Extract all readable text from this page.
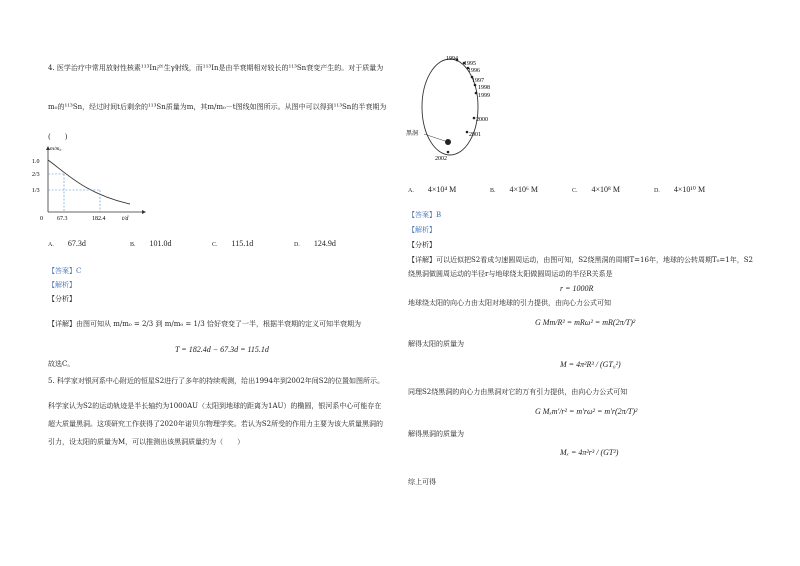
4. 医学治疗中常用放射性核素¹¹³In产生γ射线，而¹¹³In是由半衰期相对较长的¹¹³Sn衰变产生的。对于质量为
m₀的¹¹³Sn，经过时间t后剩余的¹¹³Sn质量为m，其m/m₀－t图线如图所示。从图中可以得到¹¹³Sn的半衰期为
(　　)
m/m₀
1.0
2/3
1/3
0 67.3	182.4	t/d
A. 67.3d	B. 101.0d	C. 115.1d	D. 124.9d
【答案】C
【解析】
【分析】
【详解】由图可知从 m/m₀ = 2/3 到 m/m₀ = 1/3 恰好衰变了一半，根据半衰期的定义可知半衰期为
T = 182.4d − 67.3d = 115.1d
故选C。
5. 科学家对银河系中心附近的恒星S2进行了多年的持续观测，给出1994年到2002年间S2的位置如图所示。
科学家认为S2的运动轨迹是半长轴约为1000AU（太阳到地球的距离为1AU）的椭圆，银河系中心可能存在
超大质量黑洞。这项研究工作获得了2020年诺贝尔物理学奖。若认为S2所受的作用力主要为该大质量黑洞的
引力，设太阳的质量为M，可以推测出该黑洞质量约为（　　）
1994
1995
1996
1997
1998
1999
2000
2001
2002
黑洞
A. 4×10⁴ M	B. 4×10⁶ M	C. 4×10⁸ M	D. 4×10¹⁰ M
【答案】B
【解析】
【分析】
【详解】可以近似把S2看成匀速圆周运动，由图可知，S2绕黑洞的周期T=16年，地球的公转周期T₀=1年，S2
绕黑洞做圆周运动的半径r与地球绕太阳做圆周运动的半径R关系是
r = 1000R
地球绕太阳的向心力由太阳对地球的引力提供，由向心力公式可知
G Mm/R² = mRω² = mR(2π/T)²
解得太阳的质量为
M = 4π²R³ / (GT₀²)
同理S2绕黑洞的向心力由黑洞对它的万有引力提供，由向心力公式可知
G Mₓm'/r² = m'rω² = m'r(2π/T)²
解得黑洞的质量为
Mₓ = 4π²r³ / (GT²)
综上可得
